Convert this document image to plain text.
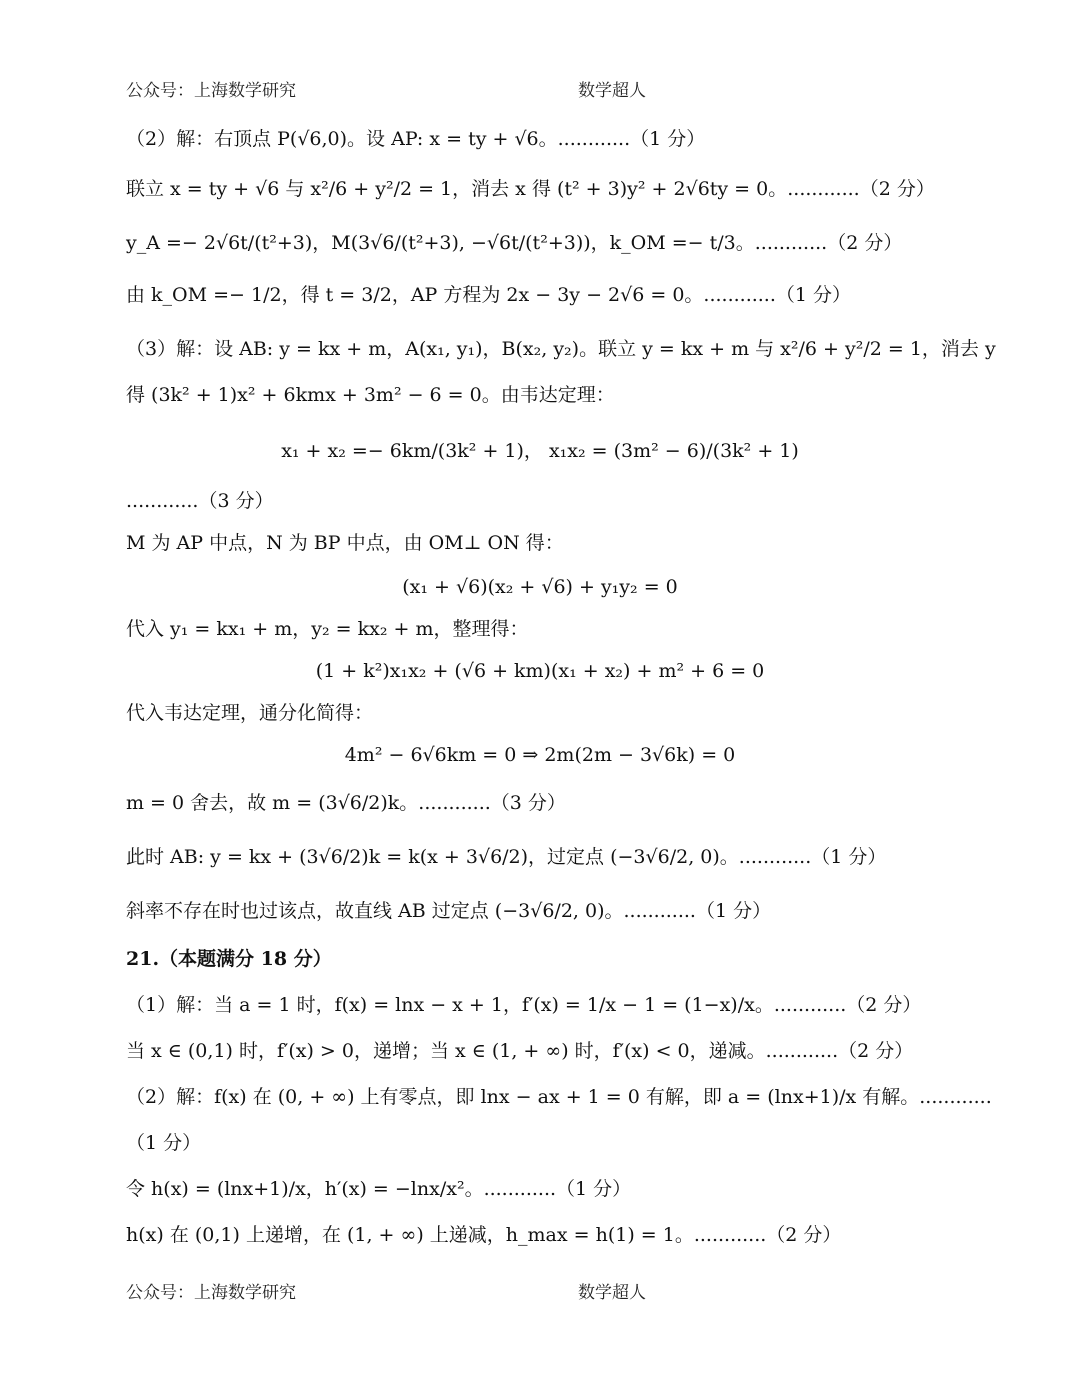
公众号：上海数学研究	数学超人
（2）解：右顶点 P(√6,0)。设 AP: x = ty + √6。............（1 分）
联立 x = ty + √6 与 x²/6 + y²/2 = 1，消去 x 得 (t² + 3)y² + 2√6ty = 0。............（2 分）
y_A =− 2√6t/(t²+3)，M(3√6/(t²+3), −√6t/(t²+3))，k_OM =− t/3。............（2 分）
由 k_OM =− 1/2，得 t = 3/2，AP 方程为 2x − 3y − 2√6 = 0。............（1 分）
（3）解：设 AB: y = kx + m，A(x₁, y₁)，B(x₂, y₂)。联立 y = kx + m 与 x²/6 + y²/2 = 1，消去 y
得 (3k² + 1)x² + 6kmx + 3m² − 6 = 0。由韦达定理：
x₁ + x₂ =− 6km/(3k² + 1)， x₁x₂ = (3m² − 6)/(3k² + 1)
............（3 分）
M 为 AP 中点，N 为 BP 中点，由 OM⊥ ON 得：
(x₁ + √6)(x₂ + √6) + y₁y₂ = 0
代入 y₁ = kx₁ + m，y₂ = kx₂ + m，整理得：
(1 + k²)x₁x₂ + (√6 + km)(x₁ + x₂) + m² + 6 = 0
代入韦达定理，通分化简得：
4m² − 6√6km = 0 ⇒ 2m(2m − 3√6k) = 0
m = 0 舍去，故 m = (3√6/2)k。............（3 分）
此时 AB: y = kx + (3√6/2)k = k(x + 3√6/2)，过定点 (−3√6/2, 0)。............（1 分）
斜率不存在时也过该点，故直线 AB 过定点 (−3√6/2, 0)。............（1 分）
21.（本题满分 18 分）
（1）解：当 a = 1 时，f(x) = lnx − x + 1，f′(x) = 1/x − 1 = (1−x)/x。............（2 分）
当 x ∈ (0,1) 时，f′(x) > 0，递增；当 x ∈ (1, + ∞) 时，f′(x) < 0，递减。............（2 分）
（2）解：f(x) 在 (0, + ∞) 上有零点，即 lnx − ax + 1 = 0 有解，即 a = (lnx+1)/x 有解。............
（1 分）
令 h(x) = (lnx+1)/x，h′(x) = −lnx/x²。............（1 分）
h(x) 在 (0,1) 上递增，在 (1, + ∞) 上递减，h_max = h(1) = 1。............（2 分）
公众号：上海数学研究	数学超人
